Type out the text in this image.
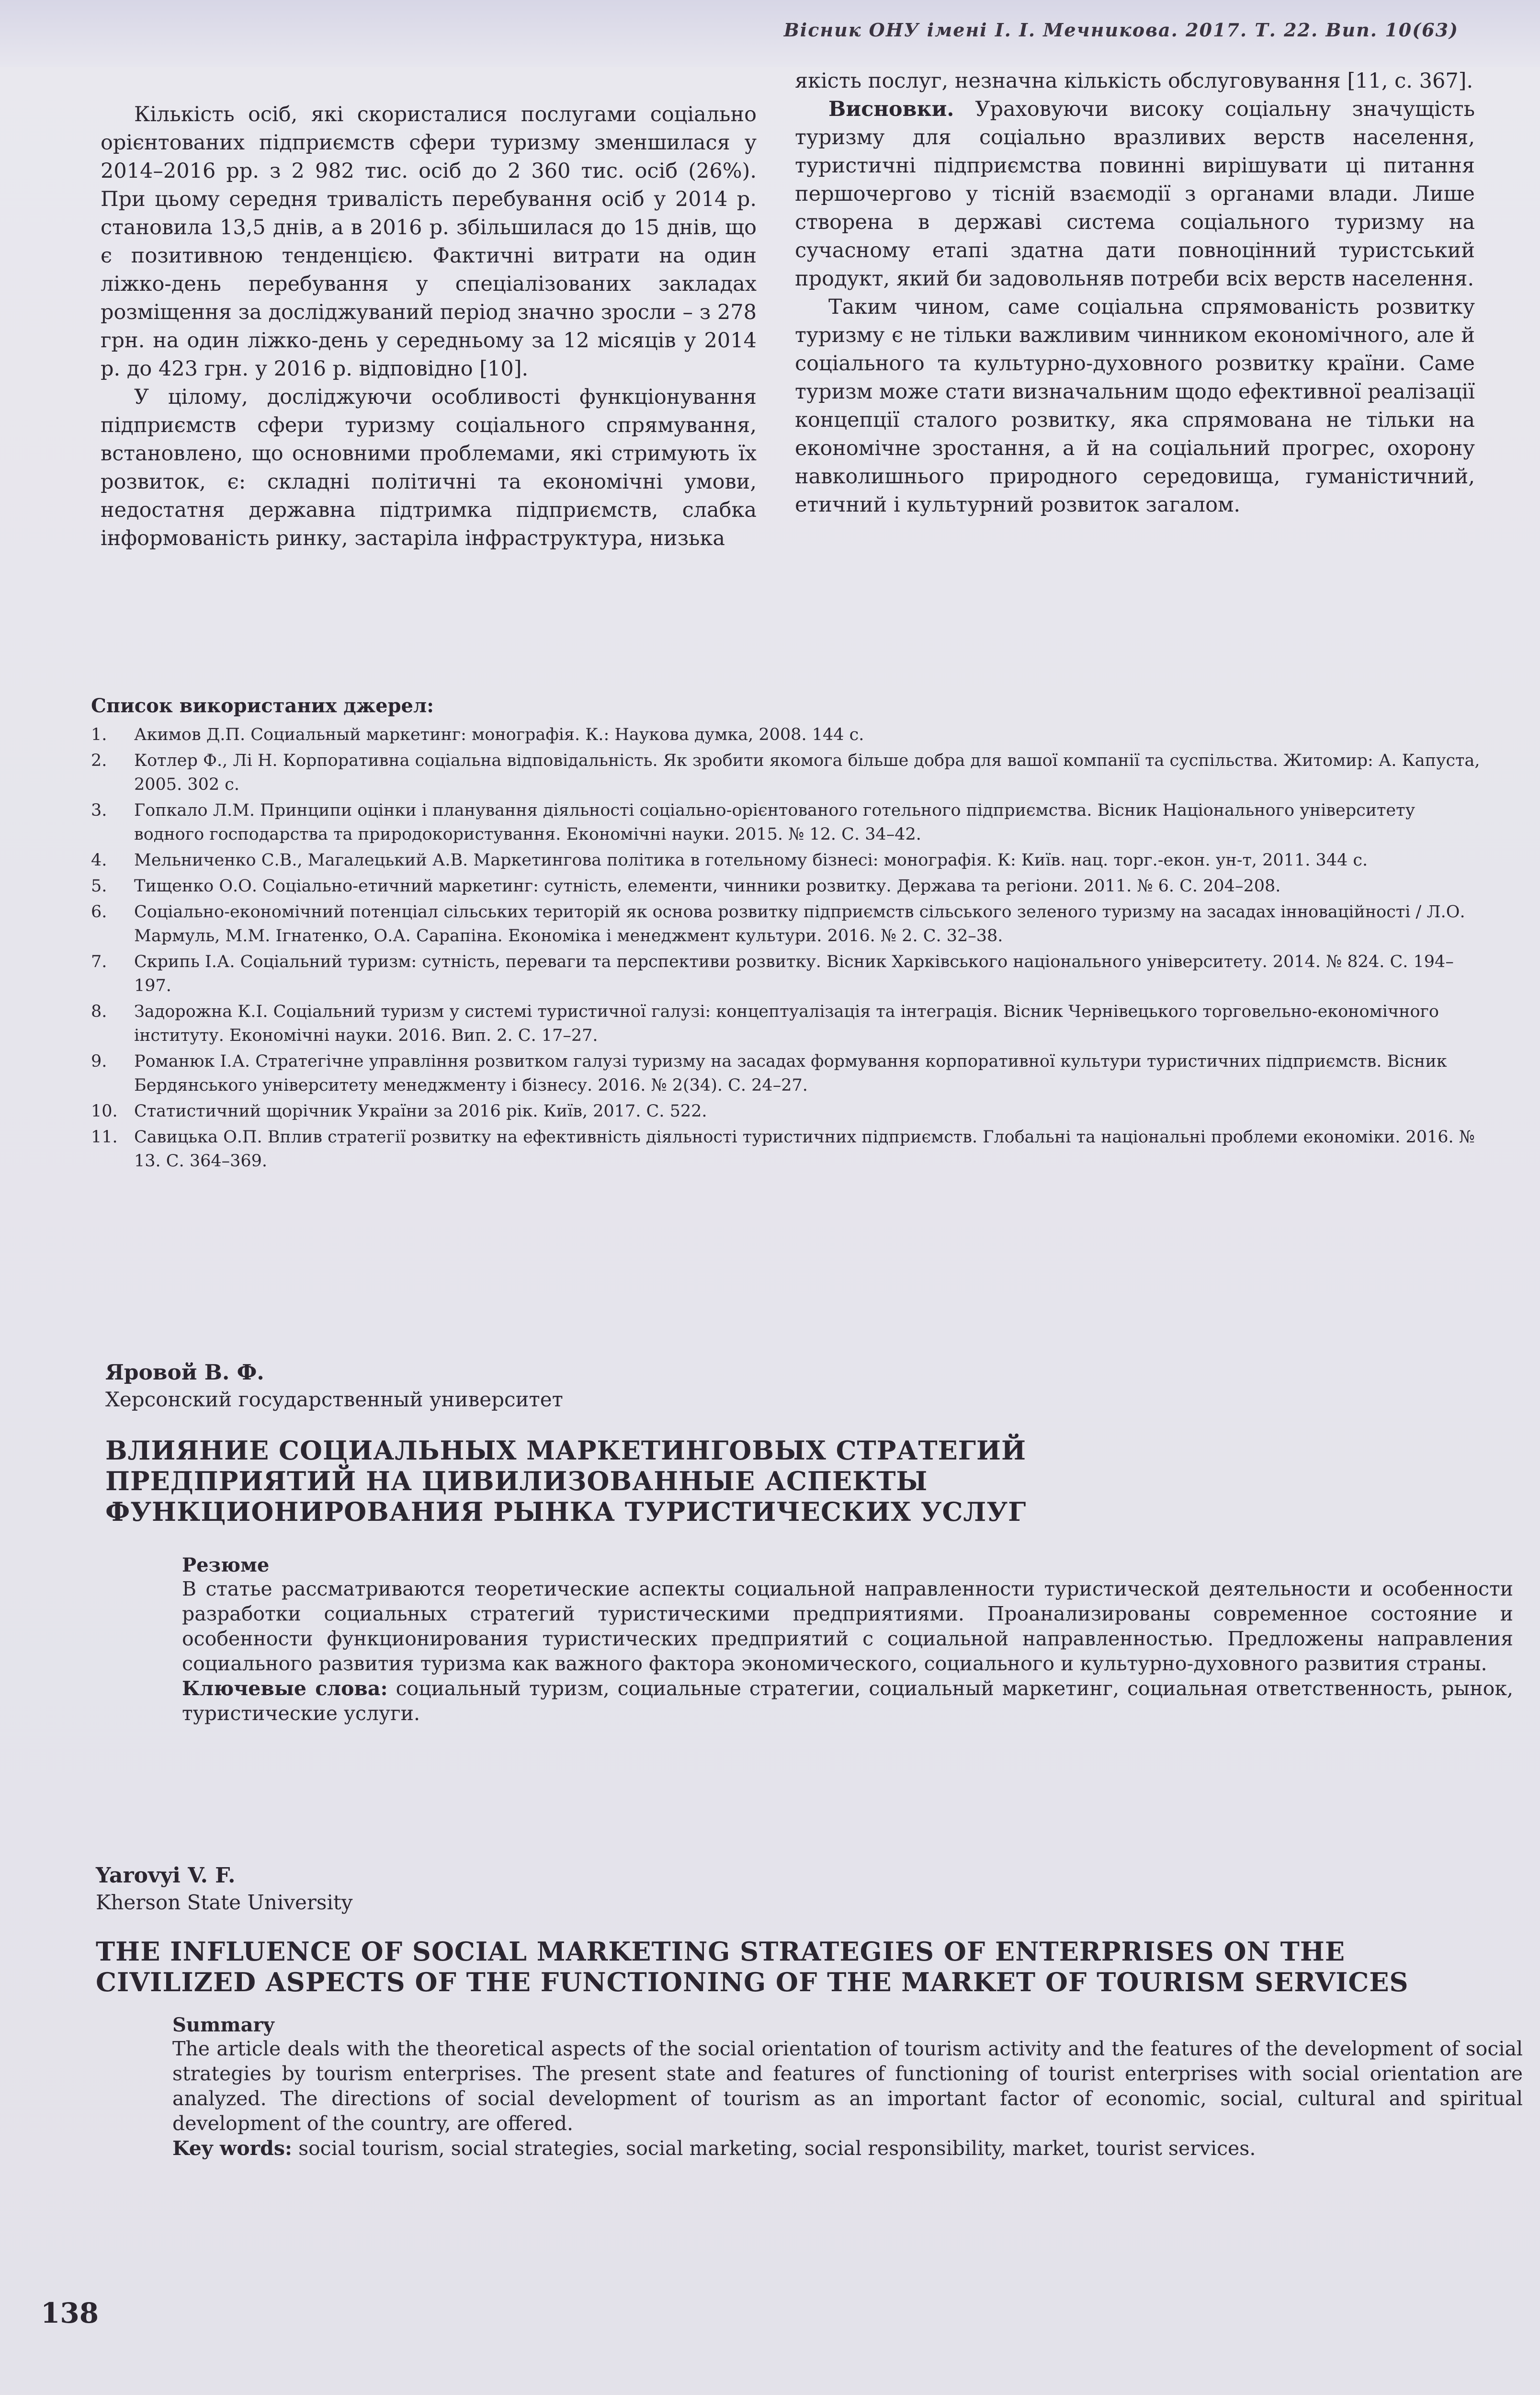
Вісник ОНУ імені І. І. Мечникова. 2017. Т. 22. Вип. 10(63)

Кількість осіб, які скористалися послугами соціально орієнтованих підприємств сфери туризму зменшилася у 2014–2016 рр. з 2 982 тис. осіб до 2 360 тис. осіб (26%). При цьому середня тривалість перебування осіб у 2014 р. становила 13,5 днів, а в 2016 р. збільшилася до 15 днів, що є позитивною тенденцією. Фактичні витрати на один ліжко-день перебування у спеціалізованих закладах розміщення за досліджуваний період значно зросли – з 278 грн. на один ліжко-день у середньому за 12 місяців у 2014 р. до 423 грн. у 2016 р. відповідно [10].

У цілому, досліджуючи особливості функціонування підприємств сфери туризму соціального спрямування, встановлено, що основними проблемами, які стримують їх розвиток, є: складні політичні та економічні умови, недостатня державна підтримка підприємств, слабка інформованість ринку, застаріла інфраструктура, низька

якість послуг, незначна кількість обслуговування [11, с. 367].

Висновки. Ураховуючи високу соціальну значущість туризму для соціально вразливих верств населення, туристичні підприємства повинні вирішувати ці питання першочергово у тісній взаємодії з органами влади. Лише створена в державі система соціального туризму на сучасному етапі здатна дати повноцінний туристський продукт, який би задовольняв потреби всіх верств населення.

Таким чином, саме соціальна спрямованість розвитку туризму є не тільки важливим чинником економічного, але й соціального та культурно-духовного розвитку країни. Саме туризм може стати визначальним щодо ефективної реалізації концепції сталого розвитку, яка спрямована не тільки на економічне зростання, а й на соціальний прогрес, охорону навколишнього природного середовища, гуманістичний, етичний і культурний розвиток загалом.

Список використаних джерел:
1.	Акимов Д.П. Социальный маркетинг: монографія. К.: Наукова думка, 2008. 144 с.
2.	Котлер Ф., Лі Н. Корпоративна соціальна відповідальність. Як зробити якомога більше добра для вашої компанії та суспільства. Житомир: А. Капуста, 2005. 302 с.
3.	Гопкало Л.М. Принципи оцінки і планування діяльності соціально-орієнтованого готельного підприємства. Вісник Національного університету водного господарства та природокористування. Економічні науки. 2015. № 12. С. 34–42.
4.	Мельниченко С.В., Магалецький А.В. Маркетингова політика в готельному бізнесі: монографія. К: Київ. нац. торг.-екон. ун-т, 2011. 344 с.
5.	Тищенко О.О. Соціально-етичний маркетинг: сутність, елементи, чинники розвитку. Держава та регіони. 2011. № 6. С. 204–208.
6.	Соціально-економічний потенціал сільських територій як основа розвитку підприємств сільського зеленого туризму на засадах інноваційності / Л.О. Мармуль, М.М. Ігнатенко, О.А. Сарапіна. Економіка і менеджмент культури. 2016. № 2. С. 32–38.
7.	Скрипь І.А. Соціальний туризм: сутність, переваги та перспективи розвитку. Вісник Харківського національного університету. 2014. № 824. С. 194–197.
8.	Задорожна К.І. Соціальний туризм у системі туристичної галузі: концептуалізація та інтеграція. Вісник Чернівецького торговельно-економічного інституту. Економічні науки. 2016. Вип. 2. С. 17–27.
9.	Романюк І.А. Стратегічне управління розвитком галузі туризму на засадах формування корпоративної культури туристичних підприємств. Вісник Бердянського університету менеджменту і бізнесу. 2016. № 2(34). С. 24–27.
10. Статистичний щорічник України за 2016 рік. Київ, 2017. С. 522.
11. Савицька О.П. Вплив стратегії розвитку на ефективність діяльності туристичних підприємств. Глобальні та національні проблеми економіки. 2016. № 13. С. 364–369.
Яровой В. Ф.
Херсонский государственный университет
ВЛИЯНИЕ СОЦИАЛЬНЫХ МАРКЕТИНГОВЫХ СТРАТЕГИЙ ПРЕДПРИЯТИЙ НА ЦИВИЛИЗОВАННЫЕ АСПЕКТЫ ФУНКЦИОНИРОВАНИЯ РЫНКА ТУРИСТИЧЕСКИХ УСЛУГ
Резюме
В статье рассматриваются теоретические аспекты социальной направленности туристической деятельности и особенности разработки социальных стратегий туристическими предприятиями. Проанализированы современное состояние и особенности функционирования туристических предприятий с социальной направленностью. Предложены направления социального развития туризма как важного фактора экономического, социального и культурно-духовного развития страны.
Ключевые слова: социальный туризм, социальные стратегии, социальный маркетинг, социальная ответственность, рынок, туристические услуги.
Yarovyi V. F.
Kherson State University
THE INFLUENCE OF SOCIAL MARKETING STRATEGIES OF ENTERPRISES ON THE CIVILIZED ASPECTS OF THE FUNCTIONING OF THE MARKET OF TOURISM SERVICES
Summary
The article deals with the theoretical aspects of the social orientation of tourism activity and the features of the development of social strategies by tourism enterprises. The present state and features of functioning of tourist enterprises with social orientation are analyzed. The directions of social development of tourism as an important factor of economic, social, cultural and spiritual development of the country, are offered.
Key words: social tourism, social strategies, social marketing, social responsibility, market, tourist services.
138
